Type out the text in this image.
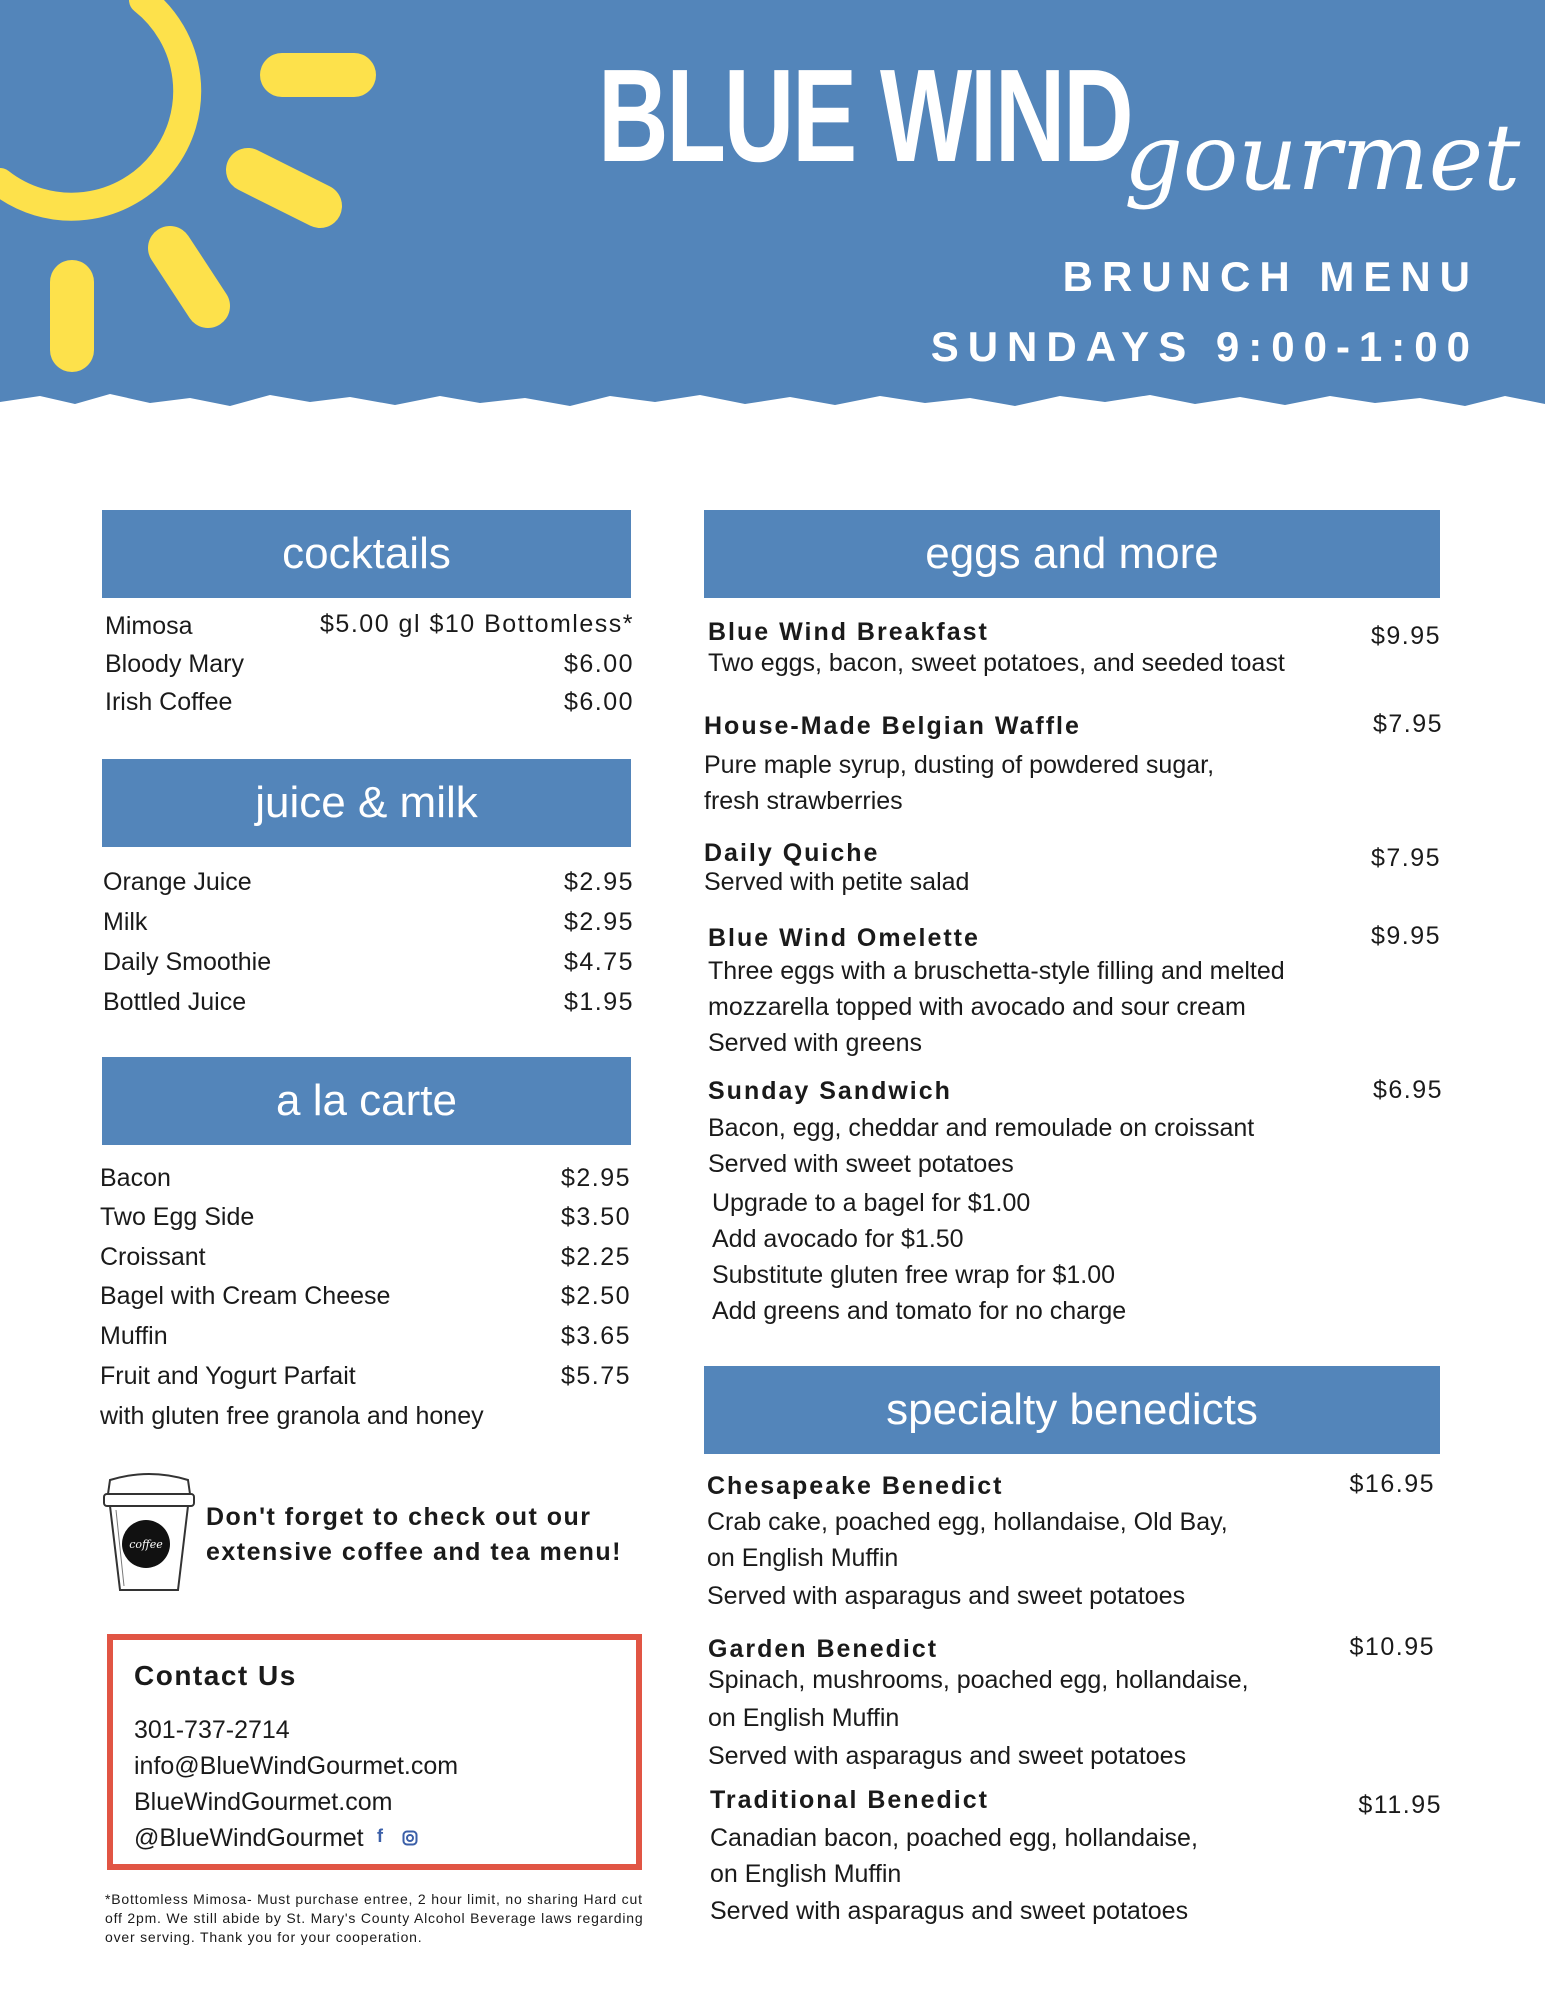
BLUE WIND
gourmet
BRUNCH MENU
SUNDAYS 9:00-1:00
cocktails
Mimosa	$5.00 gl $10 Bottomless*
Bloody Mary	$6.00
Irish Coffee	$6.00
juice & milk
Orange Juice	$2.95
Milk	$2.95
Daily Smoothie	$4.75
Bottled Juice	$1.95
a la carte
Bacon	$2.95
Two Egg Side	$3.50
Croissant	$2.25
Bagel with Cream Cheese	$2.50
Muffin	$3.65
Fruit and Yogurt Parfait	$5.75
with gluten free granola and honey
coffee
Don't forget to check out our
extensive coffee and tea menu!
Contact Us
301-737-2714
info@BlueWindGourmet.com
BlueWindGourmet.com
@BlueWindGourmet f
*Bottomless Mimosa- Must purchase entree, 2 hour limit, no sharing Hard cut off 2pm. We still abide by St. Mary's County Alcohol Beverage laws regarding over serving. Thank you for your cooperation.
eggs and more
Blue Wind Breakfast	$9.95
Two eggs, bacon, sweet potatoes, and seeded toast
House-Made Belgian Waffle	$7.95
Pure maple syrup, dusting of powdered sugar,
fresh strawberries
Daily Quiche	$7.95
Served with petite salad
Blue Wind Omelette	$9.95
Three eggs with a bruschetta-style filling and melted
mozzarella topped with avocado and sour cream
Served with greens
Sunday Sandwich	$6.95
Bacon, egg, cheddar and remoulade on croissant
Served with sweet potatoes
Upgrade to a bagel for $1.00
Add avocado for $1.50
Substitute gluten free wrap for $1.00
Add greens and tomato for no charge
specialty benedicts
Chesapeake Benedict	$16.95
Crab cake, poached egg, hollandaise, Old Bay,
on English Muffin
Served with asparagus and sweet potatoes
Garden Benedict	$10.95
Spinach, mushrooms, poached egg, hollandaise,
on English Muffin
Served with asparagus and sweet potatoes
Traditional Benedict	$11.95
Canadian bacon, poached egg, hollandaise,
on English Muffin
Served with asparagus and sweet potatoes
